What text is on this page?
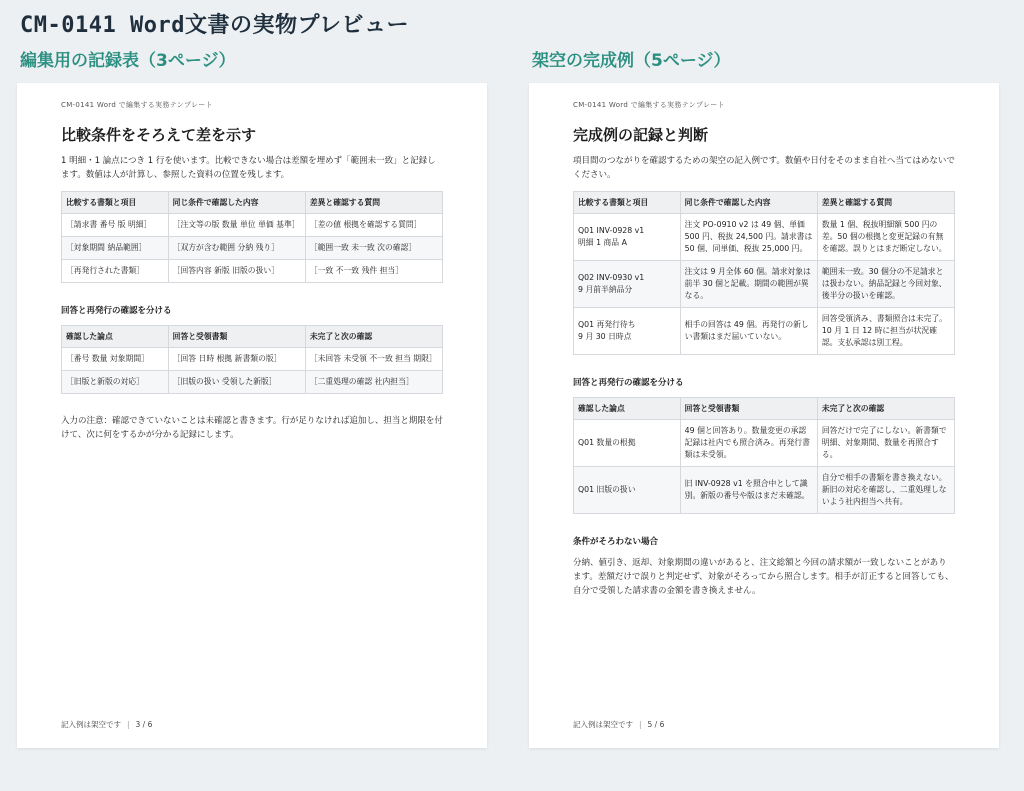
CM-0141 Word文書の実物プレビュー
編集用の記録表（3ページ）	架空の完成例（5ページ）
CM-0141 Word で編集する実務テンプレート
比較条件をそろえて差を示す
1 明細・1 論点につき 1 行を使います。比較できない場合は差額を埋めず「範囲未一致」と記録します。数値は人が計算し、参照した資料の位置を残します。
比較する書類と項目	同じ条件で確認した内容	差異と確認する質問
［請求書 番号 版 明細］	［注文等の版 数量 単位 単価 基準］	［差の値 根拠を確認する質問］
［対象期間 納品範囲］	［双方が含む範囲 分納 残り］	［範囲一致 未一致 次の確認］
［再発行された書類］	［回答内容 新版 旧版の扱い］	［一致 不一致 残件 担当］
回答と再発行の確認を分ける
確認した論点	回答と受領書類	未完了と次の確認
［番号 数量 対象期間］	［回答 日時 根拠 新書類の版］	［未回答 未受領 不一致 担当 期限］
［旧版と新版の対応］	［旧版の扱い 受領した新版］	［二重処理の確認 社内担当］
入力の注意：確認できていないことは未確認と書きます。行が足りなければ追加し、担当と期限を付けて、次に何をするかが分かる記録にします。
記入例は架空です | 3 / 6
CM-0141 Word で編集する実務テンプレート
完成例の記録と判断
項目間のつながりを確認するための架空の記入例です。数値や日付をそのまま自社へ当てはめないでください。
比較する書類と項目	同じ条件で確認した内容	差異と確認する質問
Q01 INV-0928 v1
明細 1 商品 A	注文 PO-0910 v2 は 49 個、単価 500 円、税抜 24,500 円。請求書は 50 個、同単価、税抜 25,000 円。	数量 1 個、税抜明細額 500 円の差。50 個の根拠と変更記録の有無を確認。誤りとはまだ断定しない。
Q02 INV-0930 v1
9 月前半納品分	注文は 9 月全体 60 個。請求対象は前半 30 個と記載。期間の範囲が異なる。	範囲未一致。30 個分の不足請求とは扱わない。納品記録と今回対象、後半分の扱いを確認。
Q01 再発行待ち
9 月 30 日時点	相手の回答は 49 個。再発行の新しい書類はまだ届いていない。	回答受領済み、書類照合は未完了。10 月 1 日 12 時に担当が状況確認。支払承認は別工程。
回答と再発行の確認を分ける
確認した論点	回答と受領書類	未完了と次の確認
Q01 数量の根拠	49 個と回答あり。数量変更の承認記録は社内でも照合済み。再発行書類は未受領。	回答だけで完了にしない。新書類で明細、対象期間、数量を再照合する。
Q01 旧版の扱い	旧 INV-0928 v1 を照合中として識別。新版の番号や版はまだ未確認。	自分で相手の書類を書き換えない。新旧の対応を確認し、二重処理しないよう社内担当へ共有。
条件がそろわない場合
分納、値引き、返却、対象期間の違いがあると、注文総額と今回の請求額が一致しないことがあります。差額だけで誤りと判定せず、対象がそろってから照合します。相手が訂正すると回答しても、自分で受領した請求書の金額を書き換えません。
記入例は架空です | 5 / 6
